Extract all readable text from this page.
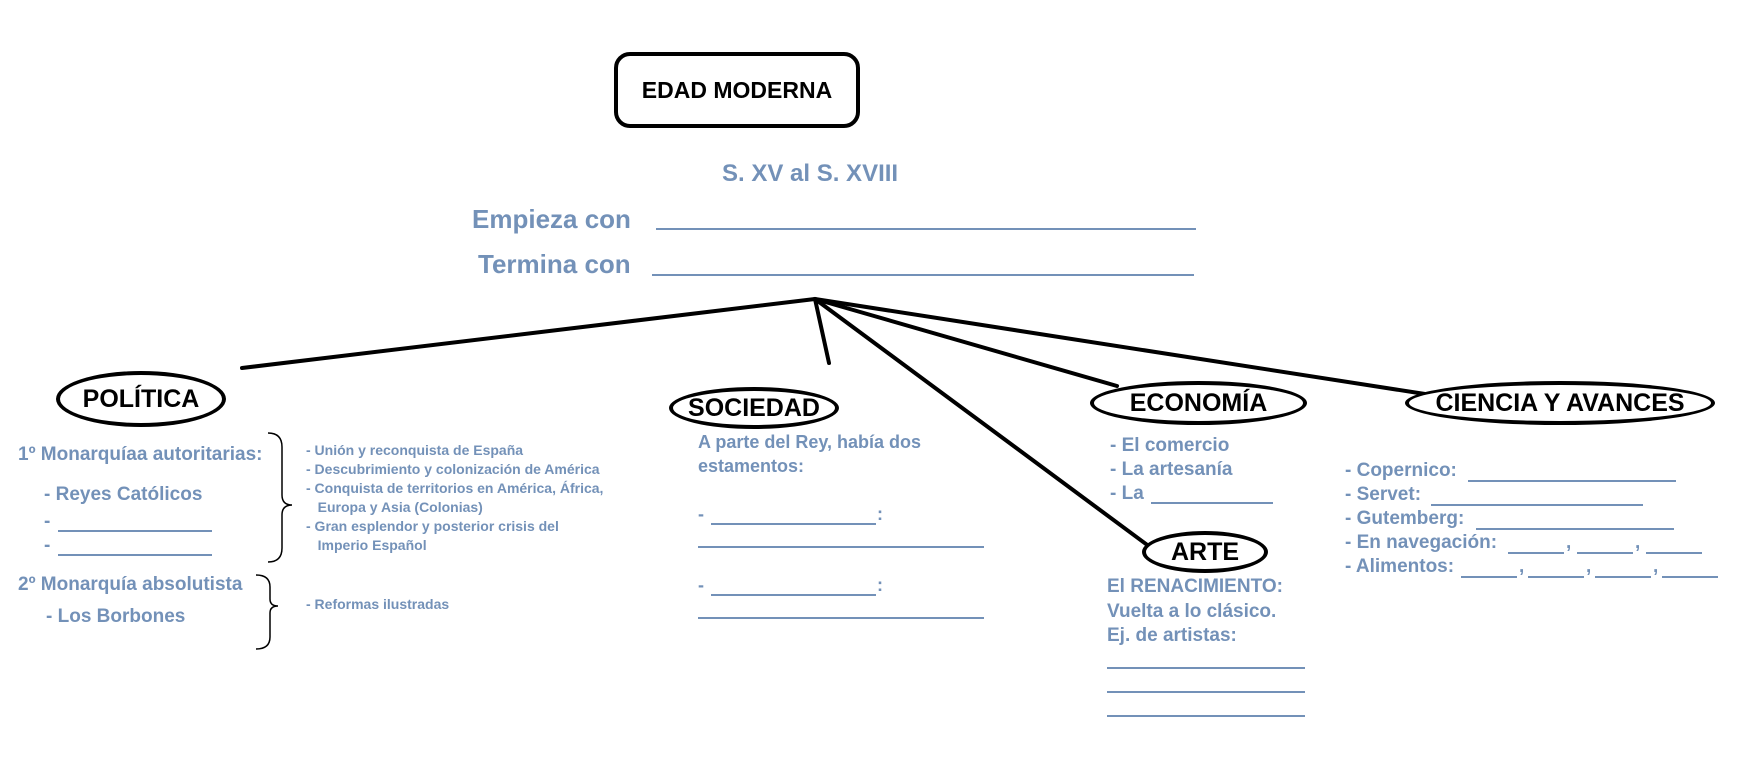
EDAD MODERNA
S. XV al S. XVIII
Empieza con
Termina con
POLÍTICA
1º Monarquíaa autoritarias:
- Reyes Católicos
-
-
- Unión y reconquista de España
- Descubrimiento y colonización de América
- Conquista de territorios en América, África,
Europa y Asia (Colonias)
- Gran esplendor y posterior crisis del
Imperio Español
2º Monarquía absolutista
- Los Borbones
- Reformas ilustradas
SOCIEDAD
A parte del Rey, había dos
estamentos:
-	:
-	:
ECONOMÍA
- El comercio
- La artesanía
- La
ARTE
El RENACIMIENTO:
Vuelta a lo clásico.
Ej. de artistas:
CIENCIA Y AVANCES
- Copernico:
- Servet:
- Gutemberg:
- En navegación:	,	,
- Alimentos:	,	,	,
